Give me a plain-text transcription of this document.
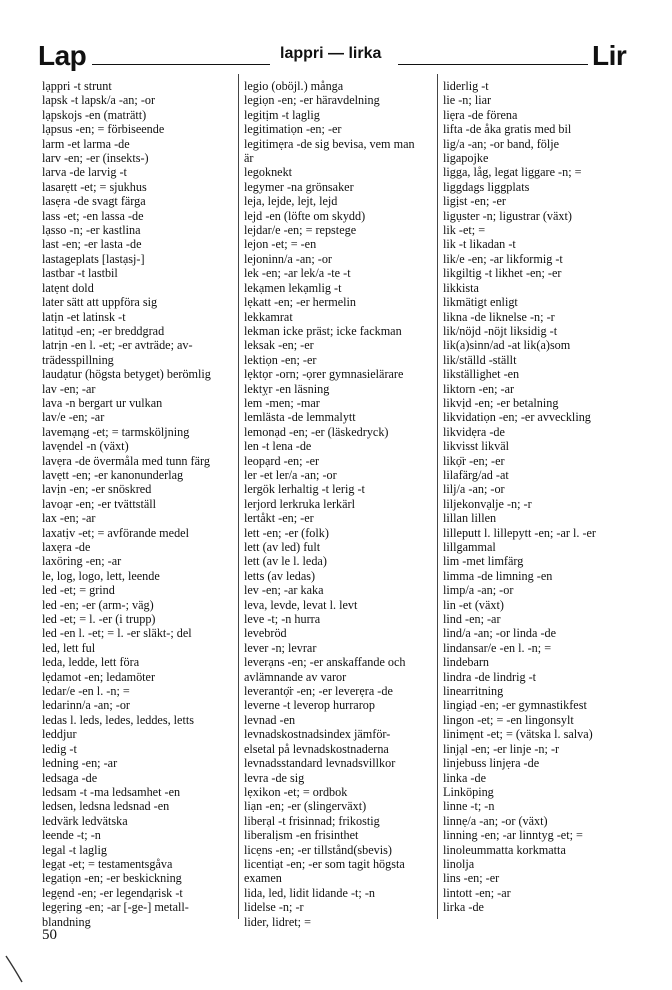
Lap	lappri — lirka	Lir
lạppri -t strunt
lapsk -t lapsk/a -an; -or
lạpskojs -en (maträtt)
lạpsus -en; = förbiseende
larm -et larma -de
larv -en; -er (insekts-)
larva -de larvig -t
lasarẹtt -et; = sjukhus
lasẹra -de svagt färga
lass -et; -en lassa -de
lạsso -n; -er kastlina
last -en; -er lasta -de
lastageplats [lastạsj-]
lastbar -t lastbil
latẹnt dold
later sätt att uppföra sig
latịn -et latinsk -t
latitụd -en; -er breddgrad
latrịn -en l. -et; -er avträde; av-
trädesspillning
laudạtur (högsta betyget) berömlig
lav -en; -ar
lava -n bergart ur vulkan
lav/e -en; -ar
lavemạng -et; = tarmsköljning
lavẹndel -n (växt)
lavẹra -de övermåla med tunn färg
lavẹtt -en; -er kanonunderlag
lavịn -en; -er snöskred
lavoạr -en; -er tvättställ
lax -en; -ar
laxatịv -et; = avförande medel
laxẹra -de
laxöring -en; -ar
le, log, logo, lett, leende
led -et; = grind
led -en; -er (arm-; väg)
led -et; = l. -er (i trupp)
led -en l. -et; = l. -er släkt-; del
led, lett ful
leda, ledde, lett föra
lẹdamot -en; ledamöter
ledar/e -en l. -n; =
ledarinn/a -an; -or
ledas l. leds, ledes, leddes, letts
leddjur
ledig -t
ledning -en; -ar
ledsaga -de
ledsam -t -ma ledsamhet -en
ledsen, ledsna ledsnad -en
ledvärk ledvätska
leende -t; -n
legal -t laglig
legạt -et; = testamentsgåva
legatiọn -en; -er beskickning
legẹnd -en; -er legendạrisk -t
legẹring -en; -ar [-ge-] metall-
blandning
legio (oböjl.) många
legiọn -en; -er häravdelning
legitịm -t laglig
legitimatiọn -en; -er
legitimẹra -de sig bevisa, vem man
är
legoknekt
legymer -na grönsaker
leja, lejde, lejt, lejd
lejd -en (löfte om skydd)
lejdar/e -en; = repstege
lejon -et; = -en
lejoninn/a -an; -or
lek -en; -ar lek/a -te -t
lekạmen lekạmlig -t
lẹkatt -en; -er hermelin
lekkamrat
lekman icke präst; icke fackman
leksak -en; -er
lektiọn -en; -er
lẹktọr -orn; -ọrer gymnasielärare
lektỵr -en läsning
lem -men; -mar
lemlästa -de lemmalytt
lemonạd -en; -er (läskedryck)
len -t lena -de
leopạrd -en; -er
ler -et ler/a -an; -or
lergök lerhaltig -t lerig -t
lerjord lerkruka lerkärl
lertåkt -en; -er
lett -en; -er (folk)
lett (av led) fult
lett (av le l. leda)
letts (av ledas)
lev -en; -ar kaka
leva, levde, levat l. levt
leve -t; -n hurra
levebröd
lever -n; levrar
leverạns -en; -er anskaffande och
avlämnande av varor
leverantọ̈r -en; -er leverẹra -de
leverne -t leverop hurrarop
levnad -en
levnadskostnadsindex jämför-
elsetal på levnadskostnaderna
levnadsstandard levnadsvillkor
levra -de sig
lẹxikon -et; = ordbok
liạn -en; -er (slingerväxt)
liberạl -t frisinnad; frikostig
liberalịsm -en frisinthet
licẹns -en; -er tillstånd(sbevis)
licentiạt -en; -er som tagit högsta
examen
lida, led, lidit lidande -t; -n
lidelse -n; -r
lider, lidret; =
liderlig -t
lie -n; liar
liẹra -de förena
lifta -de åka gratis med bil
lig/a -an; -or band, följe
ligapojke
ligga, låg, legat liggare -n; =
liggdags liggplats
ligịst -en; -er
ligụster -n; ligustrar (växt)
lik -et; =
lik -t likadan -t
lik/e -en; -ar likformig -t
likgiltig -t likhet -en; -er
likkista
likmätigt enligt
likna -de liknelse -n; -r
lik/nöjd -nöjt liksidig -t
lik(a)sinn/ad -at lik(a)som
lik/ställd -ställt
likställighet -en
liktorn -en; -ar
likvịd -en; -er betalning
likvidatiọn -en; -er avveckling
likvidẹra -de
likvisst likväl
likọ̈r -en; -er
lilafärg/ad -at
lilj/a -an; -or
liljekonvạlje -n; -r
lillan lillen
lilleputt l. lillepytt -en; -ar l. -er
lillgammal
lim -met limfärg
limma -de limning -en
limp/a -an; -or
lin -et (växt)
lind -en; -ar
lind/a -an; -or linda -de
lindansar/e -en l. -n; =
lindebarn
lindra -de lindrig -t
linearritning
lingiạd -en; -er gymnastikfest
lingon -et; = -en lingonsylt
linimẹnt -et; = (vätska l. salva)
linjạl -en; -er linje -n; -r
linjebuss linjẹra -de
linka -de
Linköping
linne -t; -n
linnẹ/a -an; -or (växt)
linning -en; -ar linntyg -et; =
linoleummatta korkmatta
linolja
lins -en; -er
lintott -en; -ar
lirka -de
50
